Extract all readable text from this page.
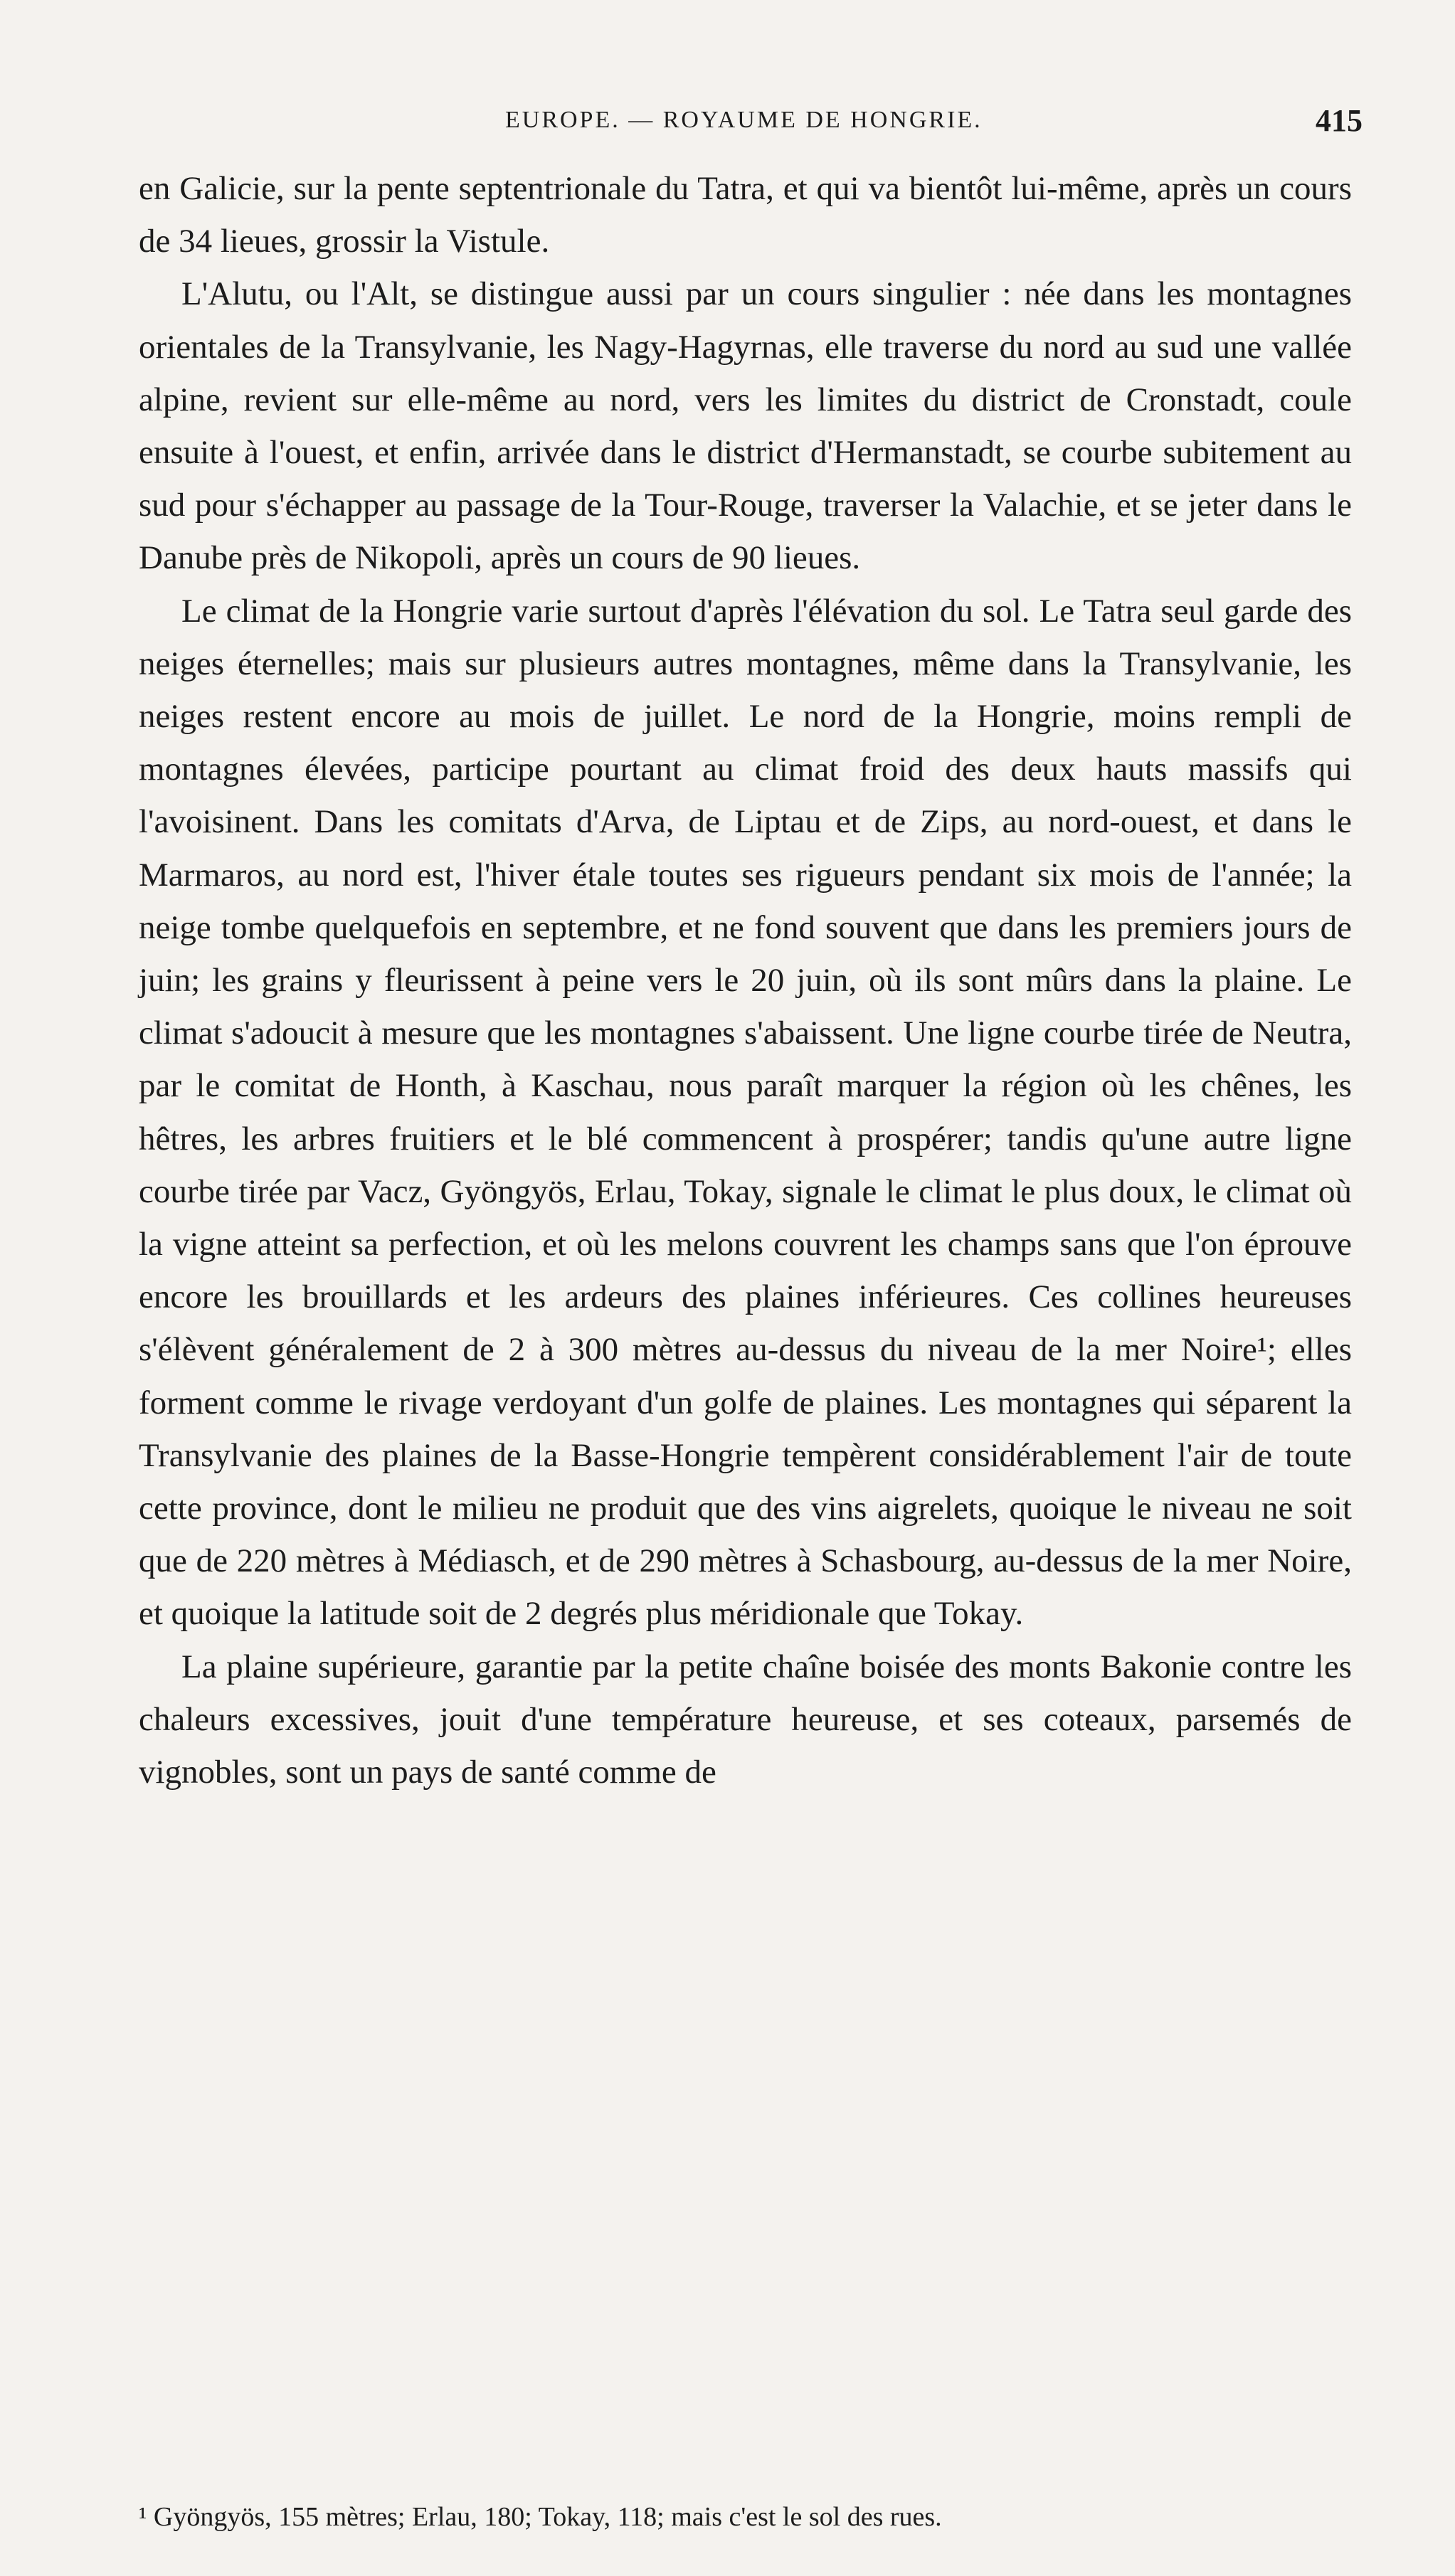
EUROPE. — ROYAUME DE HONGRIE.	415

en Galicie, sur la pente septentrionale du Tatra, et qui va bientôt lui-même, après un cours de 34 lieues, grossir la Vistule.

L'Alutu, ou l'Alt, se distingue aussi par un cours singulier : née dans les montagnes orientales de la Transylvanie, les Nagy-Hagyrnas, elle traverse du nord au sud une vallée alpine, revient sur elle-même au nord, vers les limites du district de Cronstadt, coule ensuite à l'ouest, et enfin, arrivée dans le district d'Hermanstadt, se courbe subitement au sud pour s'échapper au passage de la Tour-Rouge, traverser la Valachie, et se jeter dans le Danube près de Nikopoli, après un cours de 90 lieues.

Le climat de la Hongrie varie surtout d'après l'élévation du sol. Le Tatra seul garde des neiges éternelles; mais sur plusieurs autres montagnes, même dans la Transylvanie, les neiges restent encore au mois de juillet. Le nord de la Hongrie, moins rempli de montagnes élevées, participe pourtant au climat froid des deux hauts massifs qui l'avoisinent. Dans les comitats d'Arva, de Liptau et de Zips, au nord-ouest, et dans le Marmaros, au nord est, l'hiver étale toutes ses rigueurs pendant six mois de l'année; la neige tombe quelquefois en septembre, et ne fond souvent que dans les premiers jours de juin; les grains y fleurissent à peine vers le 20 juin, où ils sont mûrs dans la plaine. Le climat s'adoucit à mesure que les montagnes s'abaissent. Une ligne courbe tirée de Neutra, par le comitat de Honth, à Kaschau, nous paraît marquer la région où les chênes, les hêtres, les arbres fruitiers et le blé commencent à prospérer; tandis qu'une autre ligne courbe tirée par Vacz, Gyöngyös, Erlau, Tokay, signale le climat le plus doux, le climat où la vigne atteint sa perfection, et où les melons couvrent les champs sans que l'on éprouve encore les brouillards et les ardeurs des plaines inférieures. Ces collines heureuses s'élèvent généralement de 2 à 300 mètres au-dessus du niveau de la mer Noire¹; elles forment comme le rivage verdoyant d'un golfe de plaines. Les montagnes qui séparent la Transylvanie des plaines de la Basse-Hongrie tempèrent considérablement l'air de toute cette province, dont le milieu ne produit que des vins aigrelets, quoique le niveau ne soit que de 220 mètres à Médiasch, et de 290 mètres à Schasbourg, au-dessus de la mer Noire, et quoique la latitude soit de 2 degrés plus méridionale que Tokay.

La plaine supérieure, garantie par la petite chaîne boisée des monts Bakonie contre les chaleurs excessives, jouit d'une température heureuse, et ses coteaux, parsemés de vignobles, sont un pays de santé comme de

¹ Gyöngyös, 155 mètres; Erlau, 180; Tokay, 118; mais c'est le sol des rues.
